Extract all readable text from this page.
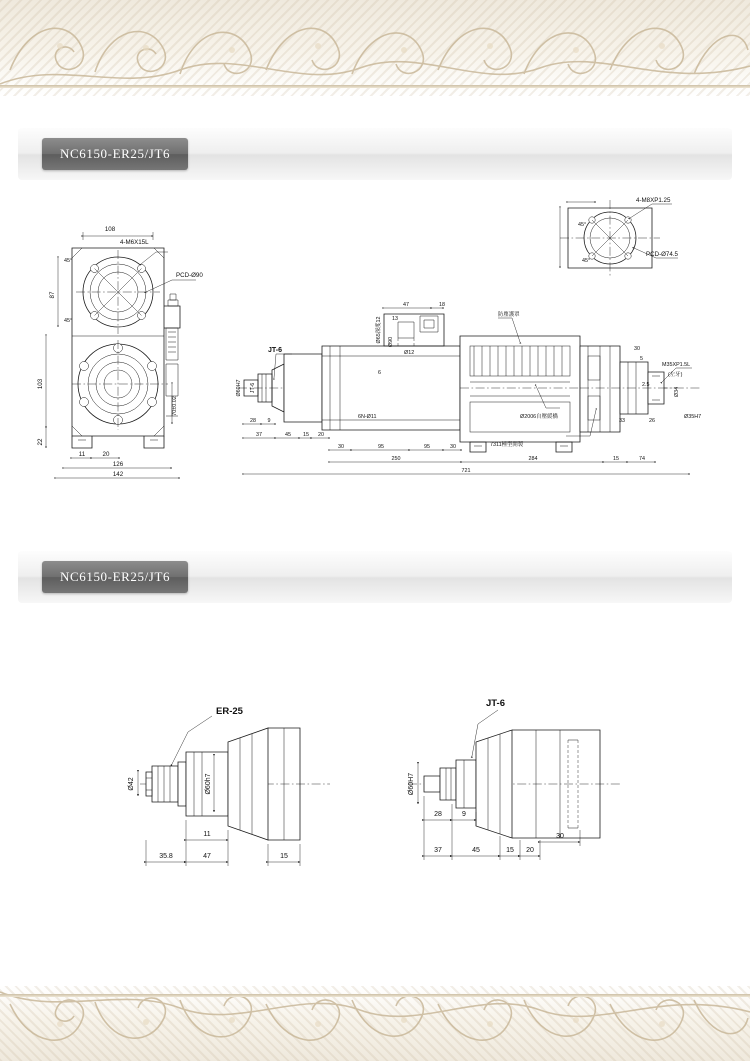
NC6150-ER25/JT6
108
87
103
22
11	20
126
142
70±0.02
4-M6X15L
PCD-Ø90
45°
45°
4-M8XP1.25
PCD-Ø74.5
45°
45°
Ø60H7
13
Ø65深度12 Ø90
Ø12
6
47	18
防塵護罩
Ø2006自壓緩橋
7311極型開製
M35XP1.5L
(左牙)
5
2.5
30
Ø34
Ø35H7
6N-Ø11
JT-6
JT-6
28 9
37	45 15 20
30	95	95	30
250	284	15	74
721
26
33
NC6150-ER25/JT6
ER-25
Ø42	Ø60h7
11
35.8	47	15
JT-6
Ø60H7
28	9
37	45	15 20
30
